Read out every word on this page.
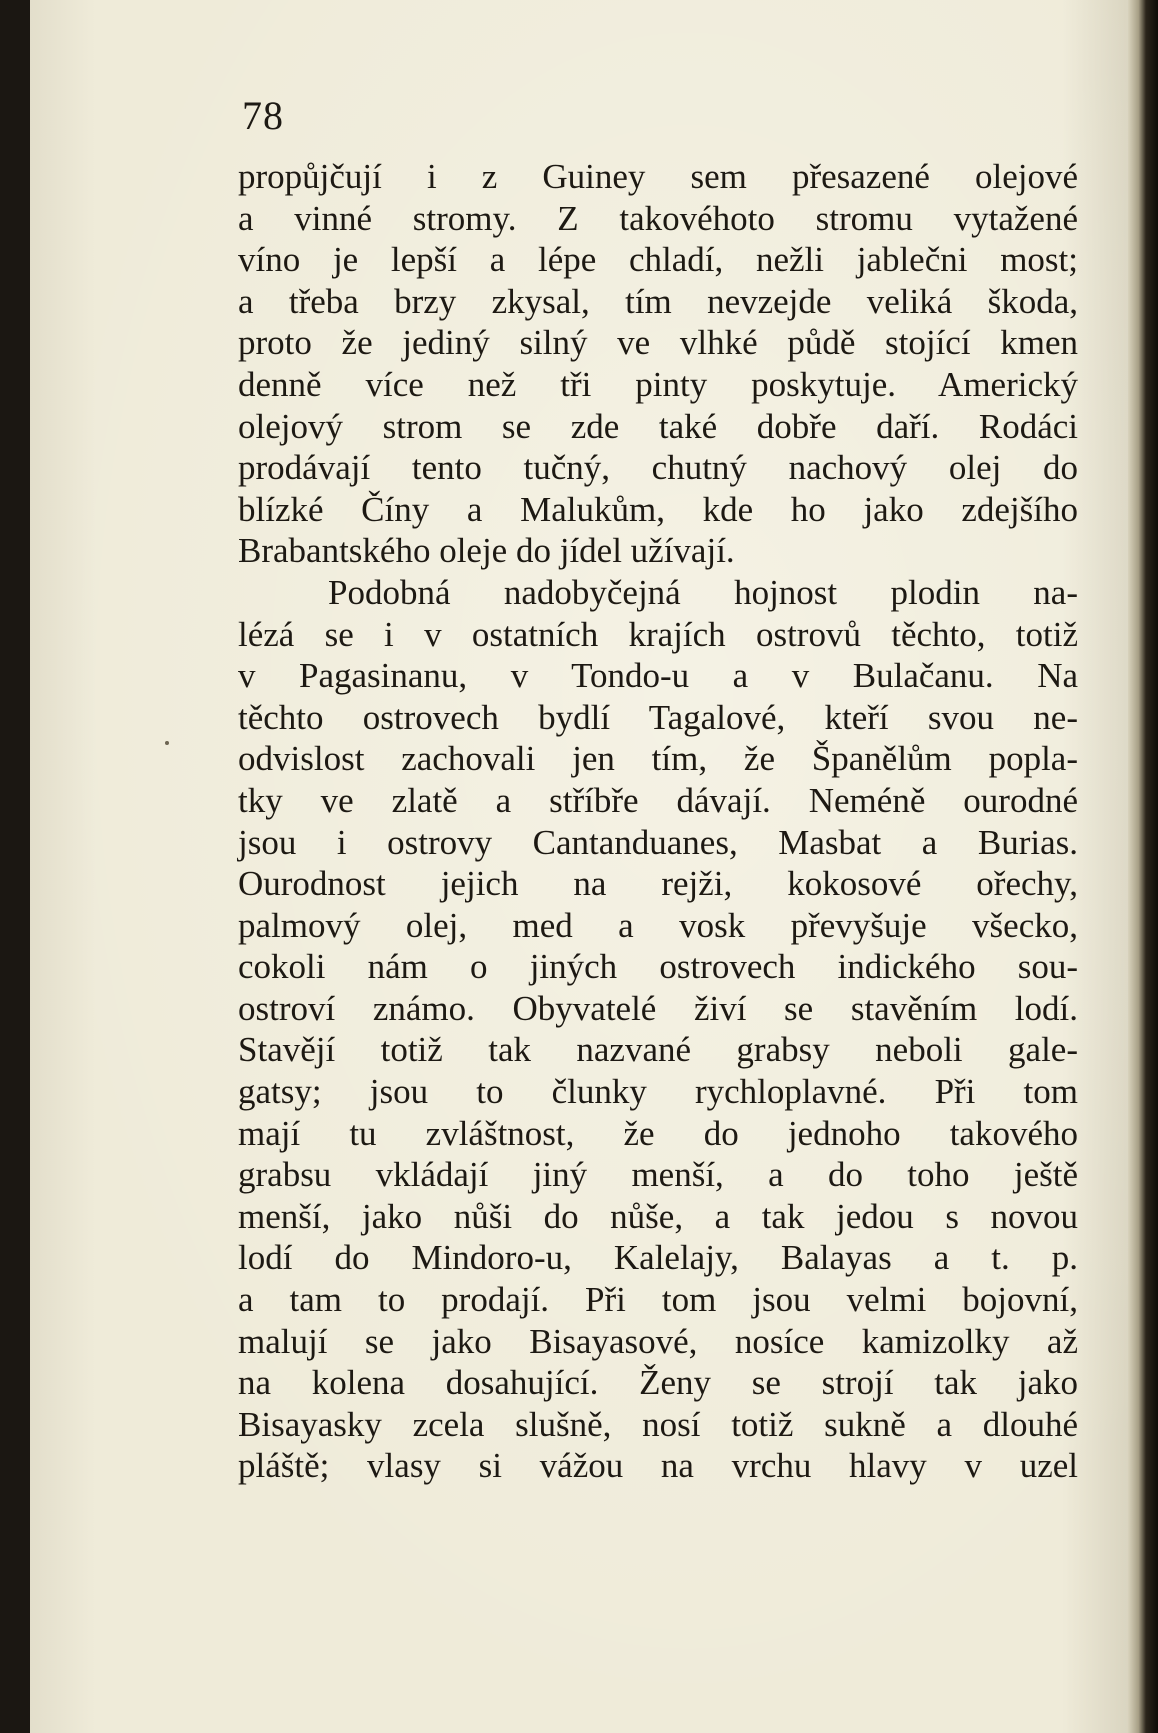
78
propůjčují i z Guiney sem přesazené olejové
a vinné stromy. Z takovéhoto stromu vytažené
víno je lepší a lépe chladí, nežli jablečni most;
a třeba brzy zkysal, tím nevzejde veliká škoda,
proto že jediný silný ve vlhké půdě stojící kmen
denně více než tři pinty poskytuje. Americký
olejový strom se zde také dobře daří. Rodáci
prodávají tento tučný, chutný nachový olej do
blízké Číny a Malukům, kde ho jako zdejšího
Brabantského oleje do jídel užívají.
Podobná nadobyčejná hojnost plodin na-
lézá se i v ostatních krajích ostrovů těchto, totiž
v Pagasinanu, v Tondo-u a v Bulačanu. Na
těchto ostrovech bydlí Tagalové, kteří svou ne-
odvislost zachovali jen tím, že Španělům popla-
tky ve zlatě a stříbře dávají. Neméně ourodné
jsou i ostrovy Cantanduanes, Masbat a Burias.
Ourodnost jejich na rejži, kokosové ořechy,
palmový olej, med a vosk převyšuje všecko,
cokoli nám o jiných ostrovech indického sou-
ostroví známo. Obyvatelé živí se stavěním lodí.
Stavějí totiž tak nazvané grabsy neboli gale-
gatsy; jsou to člunky rychloplavné. Při tom
mají tu zvláštnost, že do jednoho takového
grabsu vkládají jiný menší, a do toho ještě
menší, jako nůši do nůše, a tak jedou s novou
lodí do Mindoro-u, Kalelajy, Balayas a t. p.
a tam to prodají. Při tom jsou velmi bojovní,
malují se jako Bisayasové, nosíce kamizolky až
na kolena dosahující. Ženy se strojí tak jako
Bisayasky zcela slušně, nosí totiž sukně a dlouhé
pláště; vlasy si vážou na vrchu hlavy v uzel
